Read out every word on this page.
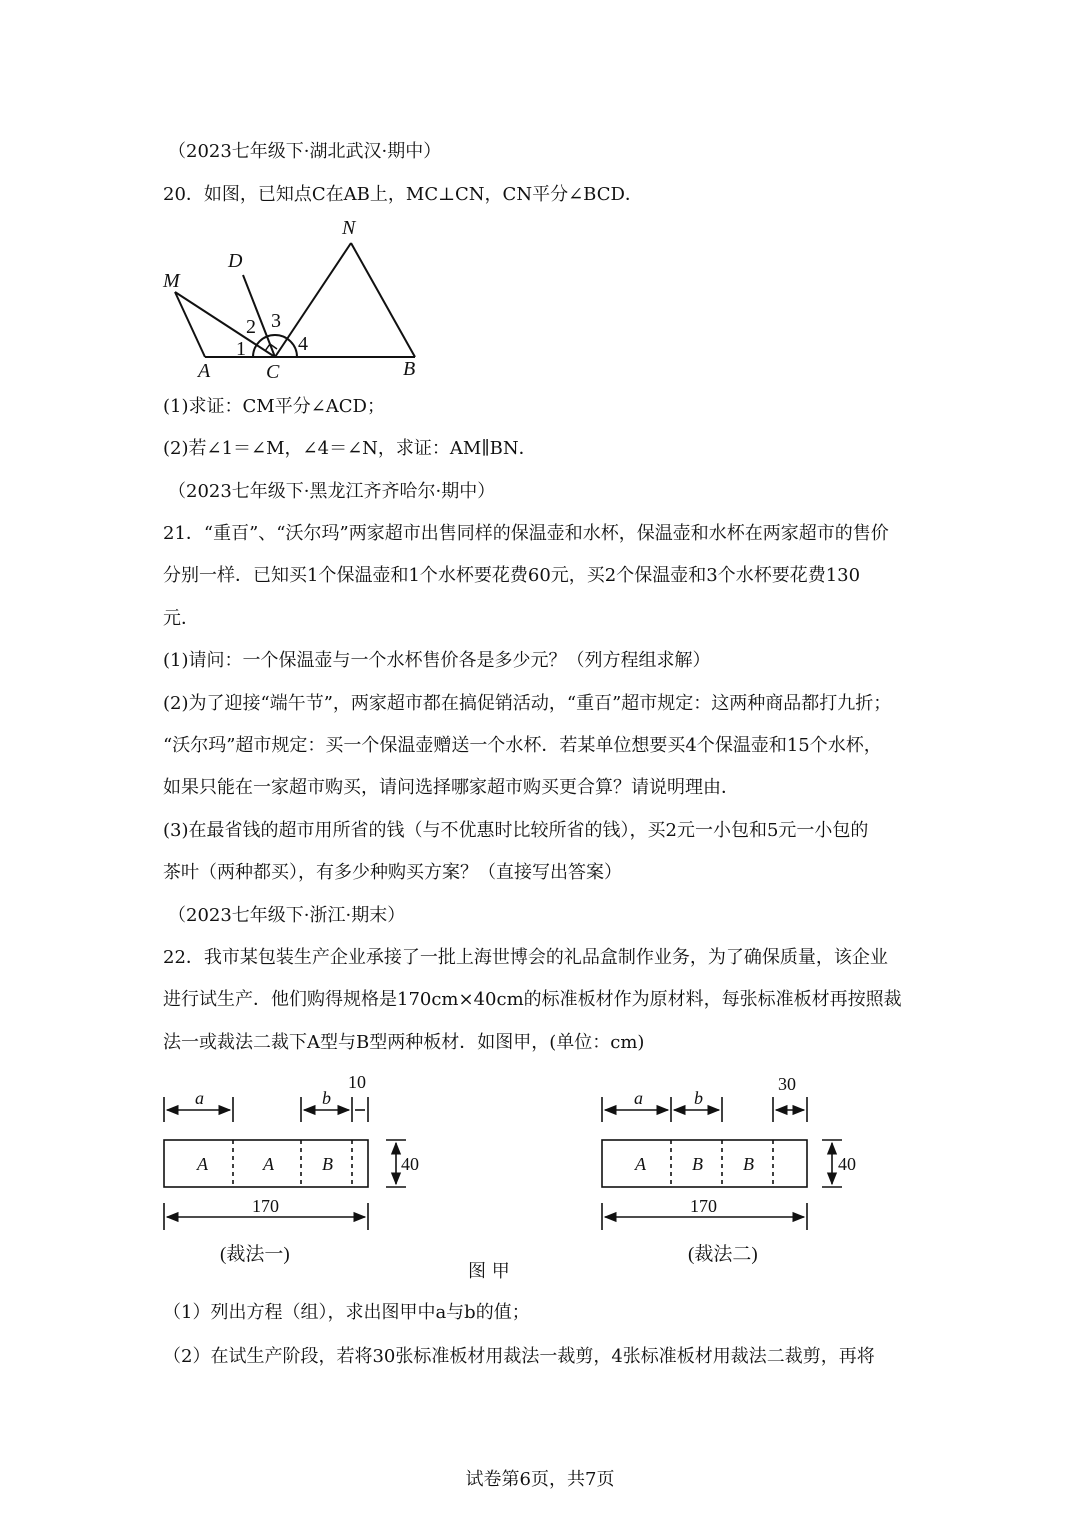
（2023七年级下·湖北武汉·期中）
20．如图，已知点C在AB上，MC⊥CN，CN平分∠BCD．
N
D
M
A	C	B
1
2 3
4
(1)求证：CM平分∠ACD；
(2)若∠1＝∠M，∠4＝∠N，求证：AM∥BN．
（2023七年级下·黑龙江齐齐哈尔·期中）
21．“重百”、“沃尔玛”两家超市出售同样的保温壶和水杯，保温壶和水杯在两家超市的售价
分别一样．已知买1个保温壶和1个水杯要花费60元，买2个保温壶和3个水杯要花费130
元．
(1)请问：一个保温壶与一个水杯售价各是多少元？（列方程组求解）
(2)为了迎接“端午节”，两家超市都在搞促销活动，“重百”超市规定：这两种商品都打九折；
“沃尔玛”超市规定：买一个保温壶赠送一个水杯．若某单位想要买4个保温壶和15个水杯，
如果只能在一家超市购买，请问选择哪家超市购买更合算？请说明理由．
(3)在最省钱的超市用所省的钱（与不优惠时比较所省的钱），买2元一小包和5元一小包的
茶叶（两种都买），有多少种购买方案？（直接写出答案）
（2023七年级下·浙江·期末）
22．我市某包装生产企业承接了一批上海世博会的礼品盒制作业务，为了确保质量，该企业
进行试生产．他们购得规格是170cm×40cm的标准板材作为原材料，每张标准板材再按照裁
法一或裁法二裁下A型与B型两种板材．如图甲，(单位：cm)
a	b
10
40
170
A	A	B
(裁法一)
图 甲
a	b
30
40
170
A	B B
(裁法二)
（1）列出方程（组），求出图甲中a与b的值；
（2）在试生产阶段，若将30张标准板材用裁法一裁剪，4张标准板材用裁法二裁剪，再将
试卷第6页，共7页
